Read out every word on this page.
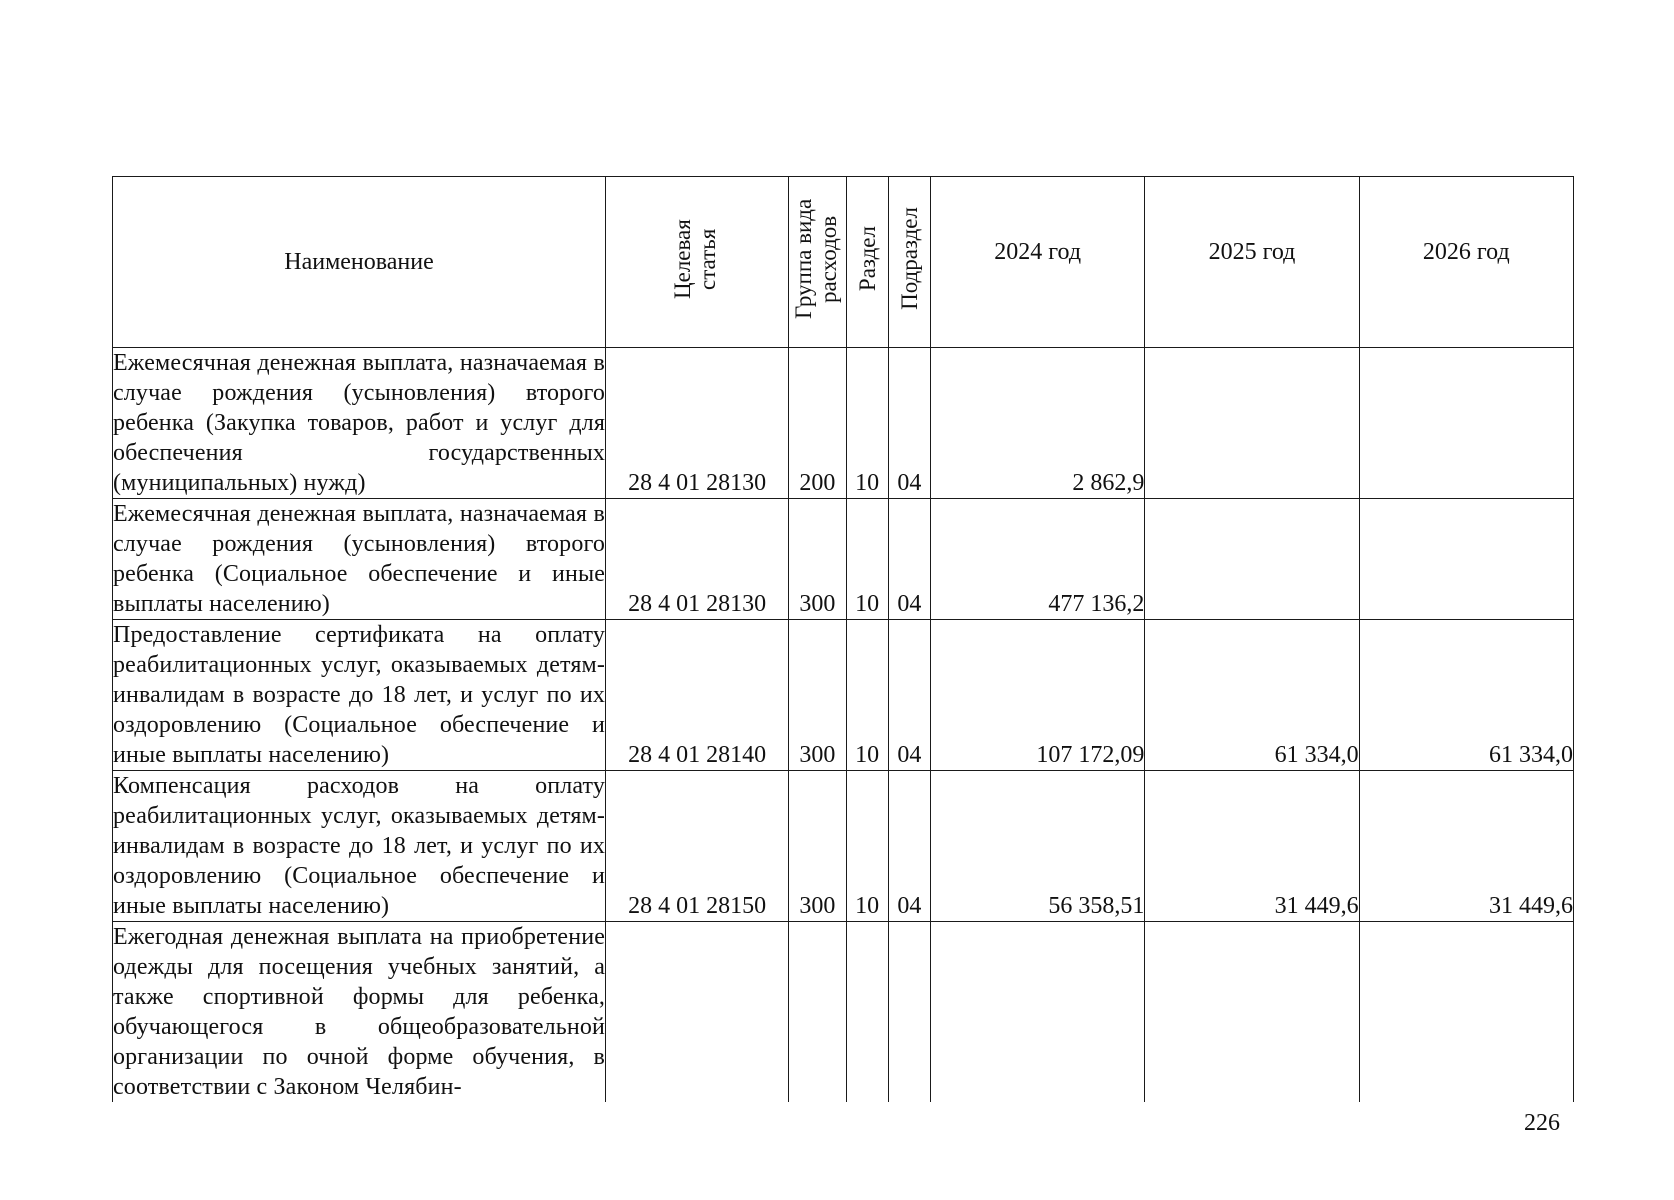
Наименование	Целевая статья	Группа вида расходов	Раздел	Подраздел	2024 год	2025 год	2026 год
Ежемесячная денежная выплата, назначаемая в случае рождения (усыновления) второго ребенка (Закупка товаров, работ и услуг для обеспечения государственных (муниципальных) нужд)	28 4 01 28130	200	10	04	2 862,9		
Ежемесячная денежная выплата, назначаемая в случае рождения (усыновления) второго ребенка (Социальное обеспечение и иные выплаты населению)	28 4 01 28130	300	10	04	477 136,2		
Предоставление сертификата на оплату реабилитационных услуг, оказываемых детям-инвалидам в возрасте до 18 лет, и услуг по их оздоровлению (Социальное обеспечение и иные выплаты населению)	28 4 01 28140	300	10	04	107 172,09	61 334,0	61 334,0
Компенсация расходов на оплату реабилитационных услуг, оказываемых детям-инвалидам в возрасте до 18 лет, и услуг по их оздоровлению (Социальное обеспечение и иные выплаты населению)	28 4 01 28150	300	10	04	56 358,51	31 449,6	31 449,6
Ежегодная денежная выплата на приобретение одежды для посещения учебных занятий, а также спортивной формы для ребенка, обучающегося в общеобразовательной организации по очной форме обучения, в соответствии с Законом Челябин-							
226
